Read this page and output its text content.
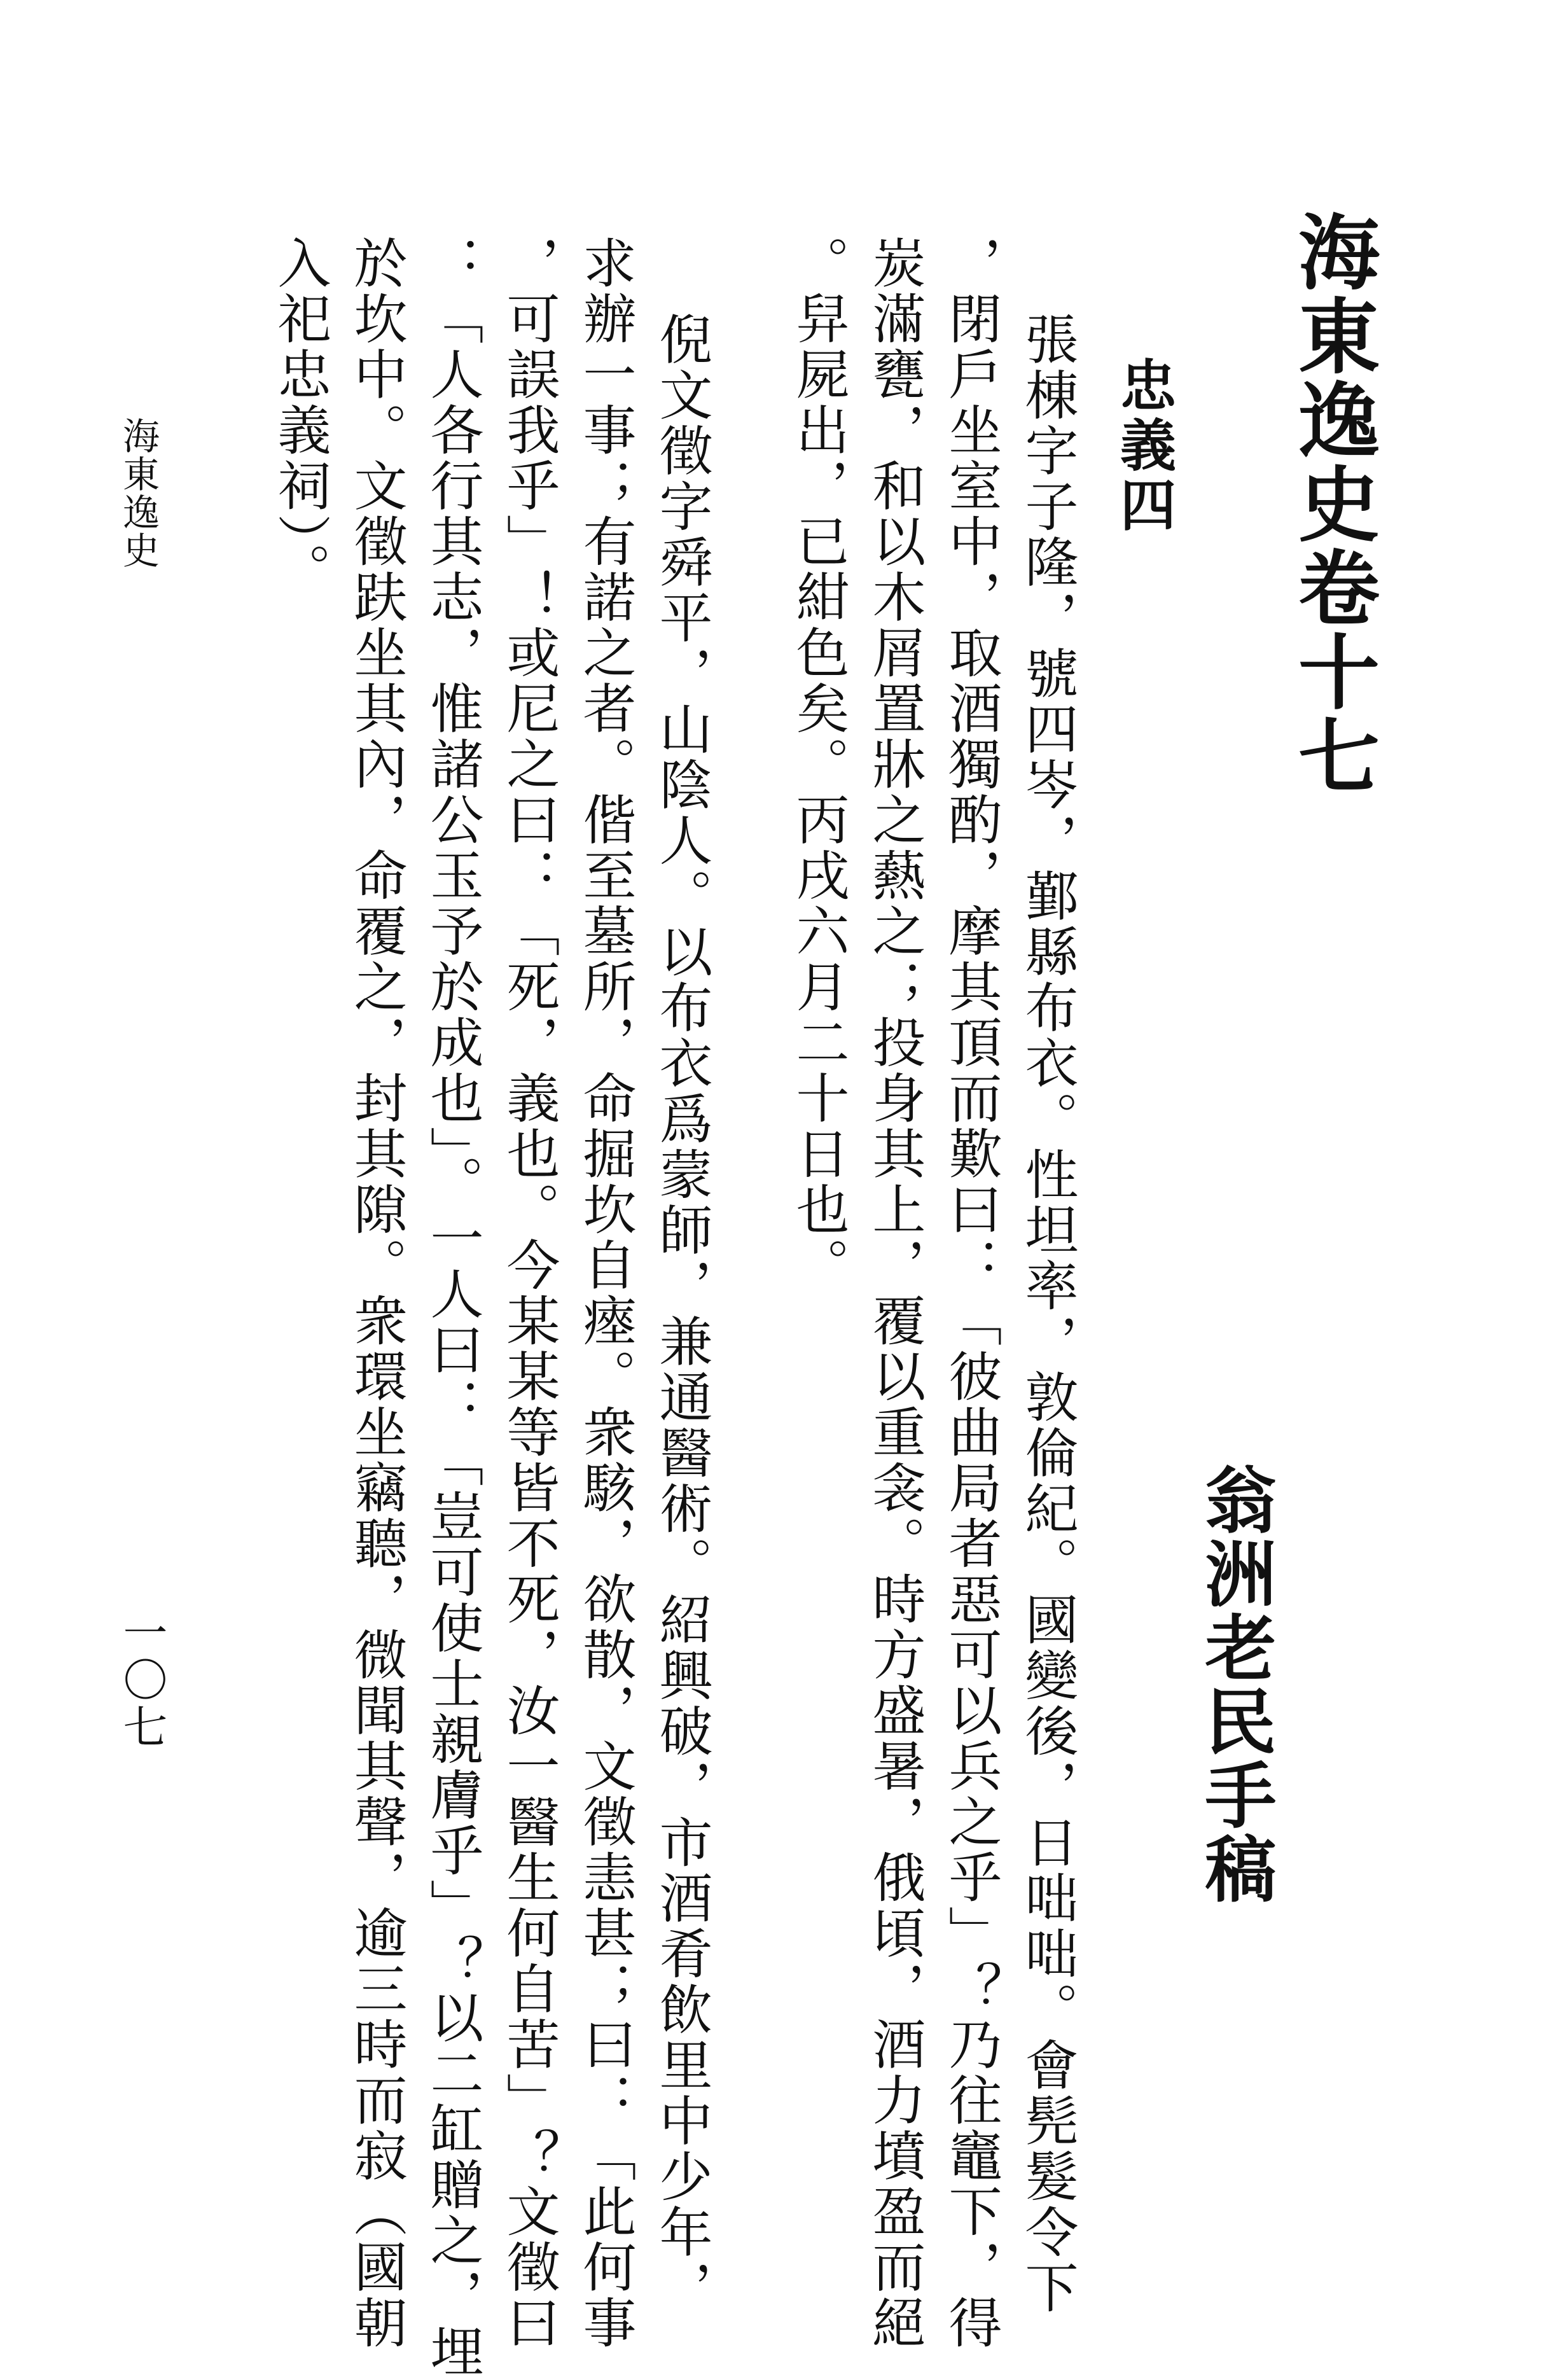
海東逸史卷十七
翁洲老民手稿
忠義四
張棟字子隆，號四岑，鄞縣布衣。性坦率，敦倫紀。國變後，日咄咄。會髡髮令下
，閉戶坐室中，取酒獨酌，摩其頂而歎曰：「彼曲局者惡可以兵之乎」？乃往竈下，得
炭滿甕，和以木屑置牀之爇之；投身其上，覆以重衾。時方盛暑，俄頃，酒力墳盈而絕
。舁屍出，已紺色矣。丙戌六月二十日也。
倪文徵字舜平，山陰人。以布衣爲蒙師，兼通醫術。紹興破，市酒肴飲里中少年，
求辦一事；有諾之者。偕至墓所，命掘坎自瘞。衆駭，欲散，文徵恚甚；曰：「此何事
，可誤我乎」！或尼之曰：「死，義也。今某某等皆不死，汝一醫生何自苦」？文徵曰
：「人各行其志，惟諸公玉予於成也」。一人曰：「豈可使士親膚乎」？以二缸贈之，埋
於坎中。文徵趺坐其內，命覆之，封其隙。衆環坐竊聽，微聞其聲，逾三時而寂（國朝
入祀忠義祠）。
海東逸史
一〇七
